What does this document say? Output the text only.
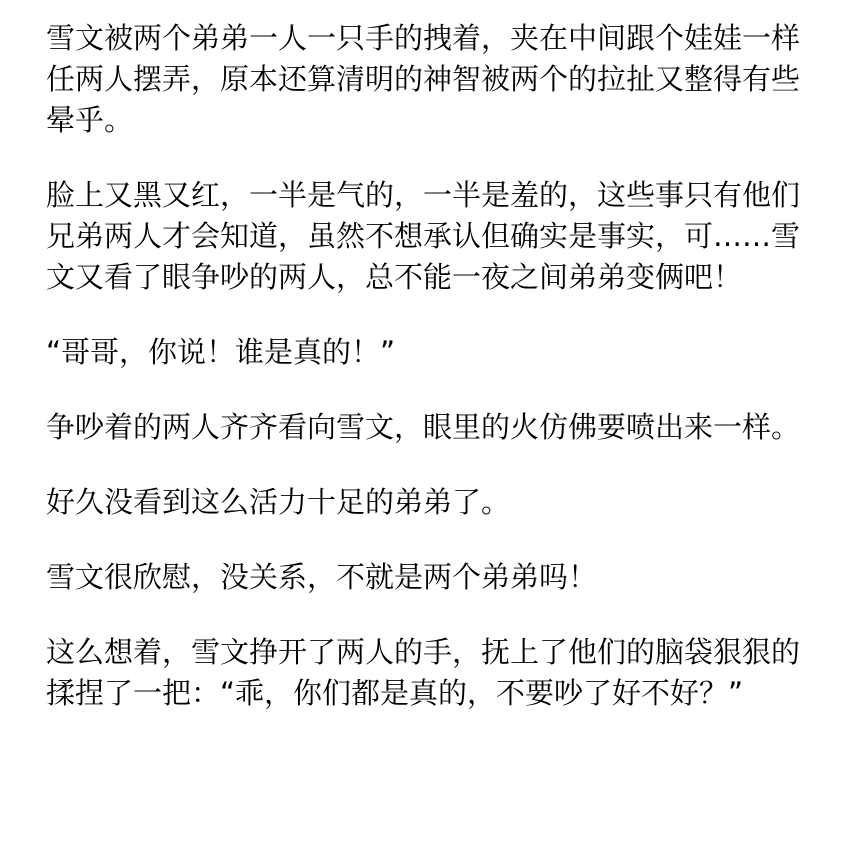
雪文被两个弟弟一人一只手的拽着，夹在中间跟个娃娃一样任两人摆弄，原本还算清明的神智被两个的拉扯又整得有些晕乎。

脸上又黑又红，一半是气的，一半是羞的，这些事只有他们兄弟两人才会知道，虽然不想承认但确实是事实，可……雪文又看了眼争吵的两人，总不能一夜之间弟弟变俩吧！

“哥哥，你说！谁是真的！”

争吵着的两人齐齐看向雪文，眼里的火仿佛要喷出来一样。

好久没看到这么活力十足的弟弟了。

雪文很欣慰，没关系，不就是两个弟弟吗！

这么想着，雪文挣开了两人的手，抚上了他们的脑袋狠狠的揉捏了一把：“乖，你们都是真的，不要吵了好不好？”
